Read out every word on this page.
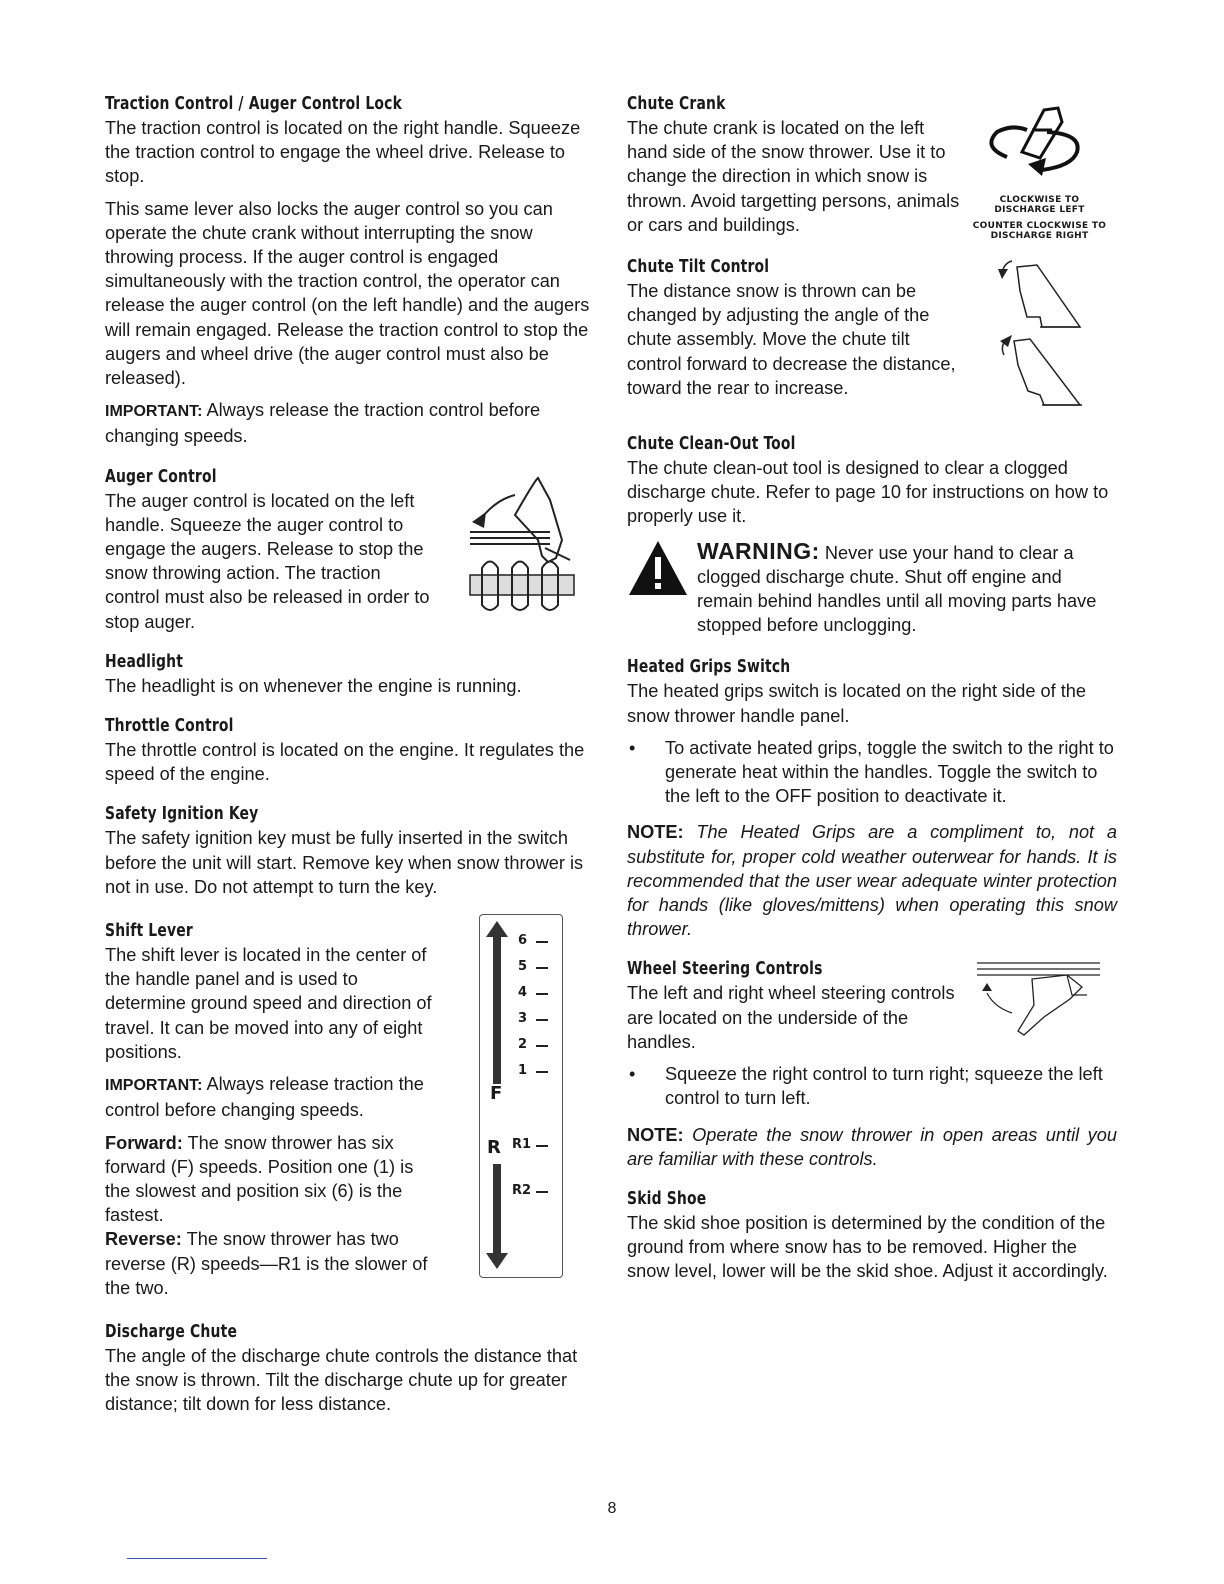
Traction Control / Auger Control Lock

The traction control is located on the right handle. Squeeze the traction control to engage the wheel drive. Release to stop.

This same lever also locks the auger control so you can operate the chute crank without interrupting the snow throwing process. If the auger control is engaged simultaneously with the traction control, the operator can release the auger control (on the left handle) and the augers will remain engaged. Release the traction control to stop the augers and wheel drive (the auger control must also be released).

IMPORTANT: Always release the traction control before changing speeds.

Auger Control

The auger control is located on the left handle. Squeeze the auger control to engage the augers. Release to stop the snow throwing action. The traction control must also be released in order to stop auger.

Headlight

The headlight is on whenever the engine is running.

Throttle Control

The throttle control is located on the engine. It regulates the speed of the engine.

Safety Ignition Key

The safety ignition key must be fully inserted in the switch before the unit will start. Remove key when snow thrower is not in use. Do not attempt to turn the key.

Shift Lever

The shift lever is located in the center of the handle panel and is used to determine ground speed and direction of travel. It can be moved into any of eight positions.

IMPORTANT: Always release traction the control before changing speeds.

Forward: The snow thrower has six forward (F) speeds. Position one (1) is the slowest and position six (6) is the fastest.

Reverse: The snow thrower has two reverse (R) speeds—R1 is the slower of the two.

F
R
6
5
4
3
2
1
R1
R2
Discharge Chute

The angle of the discharge chute controls the distance that the snow is thrown. Tilt the discharge chute up for greater distance; tilt down for less distance.

Chute Crank

The chute crank is located on the left hand side of the snow thrower. Use it to change the direction in which snow is thrown. Avoid targetting persons, animals or cars and buildings.

CLOCKWISE TO DISCHARGE LEFT
COUNTER CLOCKWISE TO DISCHARGE RIGHT
Chute Tilt Control

The distance snow is thrown can be changed by adjusting the angle of the chute assembly. Move the chute tilt control forward to decrease the distance, toward the rear to increase.

Chute Clean-Out Tool

The chute clean-out tool is designed to clear a clogged discharge chute. Refer to page 10 for instructions on how to properly use it.

WARNING: Never use your hand to clear a clogged discharge chute. Shut off engine and remain behind handles until all moving parts have stopped before unclogging.

Heated Grips Switch

The heated grips switch is located on the right side of the snow thrower handle panel.

•	To activate heated grips, toggle the switch to the right to generate heat within the handles. Toggle the switch to the left to the OFF position to deactivate it.

NOTE: The Heated Grips are a compliment to, not a substitute for, proper cold weather outerwear for hands. It is recommended that the user wear adequate winter protection for hands (like gloves/mittens) when operating this snow thrower.

Wheel Steering Controls

The left and right wheel steering controls are located on the underside of the handles.

•	Squeeze the right control to turn right; squeeze the left control to turn left.

NOTE: Operate the snow thrower in open areas until you are familiar with these controls.

Skid Shoe

The skid shoe position is determined by the condition of the ground from where snow has to be removed. Higher the snow level, lower will be the skid shoe. Adjust it accordingly.

8
